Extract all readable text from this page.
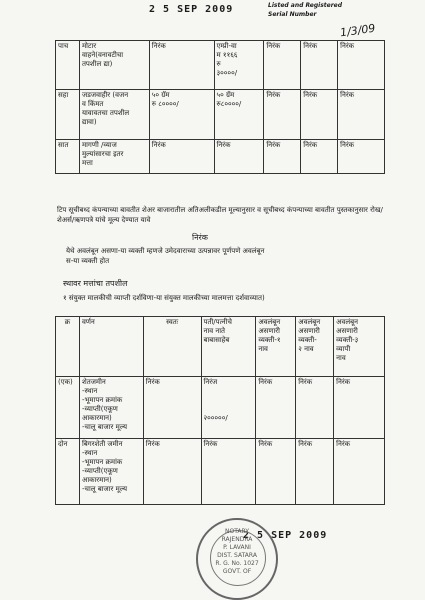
2 5 SEP 2009	Listed and Registered
Serial Number
1/3/09
पाच	मोटार
वाहने(वनावटीचा
तपशील द्या)	निरंक	एम्प्री-वा
म ११६६
रु
३००००/	निरंक	निरंक	निरंक
सहा	जडजवाहीर (वजन
व किंमत
यावावतचा तपशील
द्यावा)	५० ग्रॅम
रु ८००००/	५० ग्रॅम
रु८००००/	निरंक	निरंक	निरंक
सात	मागणी /व्याज
मुल्यांसारचा इतर
मत्ता	निरंक	निरंक	निरंक	निरंक	निरंक
टिप सूचीबध्द कंपन्याच्या बावतीत शेअर बाजारातील अतिअलीकडील मूल्यानुसार व सूचीबध्द कंपन्याच्या बावतीत पुस्तकानुसार रोख/शेअर्स/ऋणपत्रे यांचे मूल्य देण्यात यावे
निरंक
येथे अवलंबून असणा-या व्यक्ती म्हणजे उमेदवाराच्या उत्पन्नावर पूर्णपणे अवलंबून
स-या व्यक्ती होत
स्थावर मत्तांचा तपशील
१ संयुक्त मालकीची व्याप्ती दर्शविणा-या संयुक्त मालकीच्या मालमत्ता दर्शवाव्यात)
क्र	वर्णन	स्वतः	पती/पत्नीचे
नाव नाते
बाबासाहेब	अवलंबून
असणारी
व्यक्ती-१
नाव	अवलंबून
असणारी
व्यक्ती-
२ नाव	अवलंबून
असणारी
व्यक्ती-३
व्यापी
नाव
(एक)	शेतजमीन
-स्थान
-भूमापन क्रमांक
-व्याप्ती(एकूण आकारमान)
-चालू बाजार मूल्य	निरंक	निरंज

२०००००/	निरंक	निरंक	निरंक
दोन	बिगरशेती जमीन
-स्थान
-भूमापन क्रमांक
-व्याप्ती(एकूण आकारमान)
-चालू बाजार मूल्य	निरंक	निरंक	निरंक	निरंक	निरंक
2 5 SEP 2009
NOTARY
RAJENDRA
P. LAVANI
DIST. SATARA
R. G. No. 1027
GOVT. OF
